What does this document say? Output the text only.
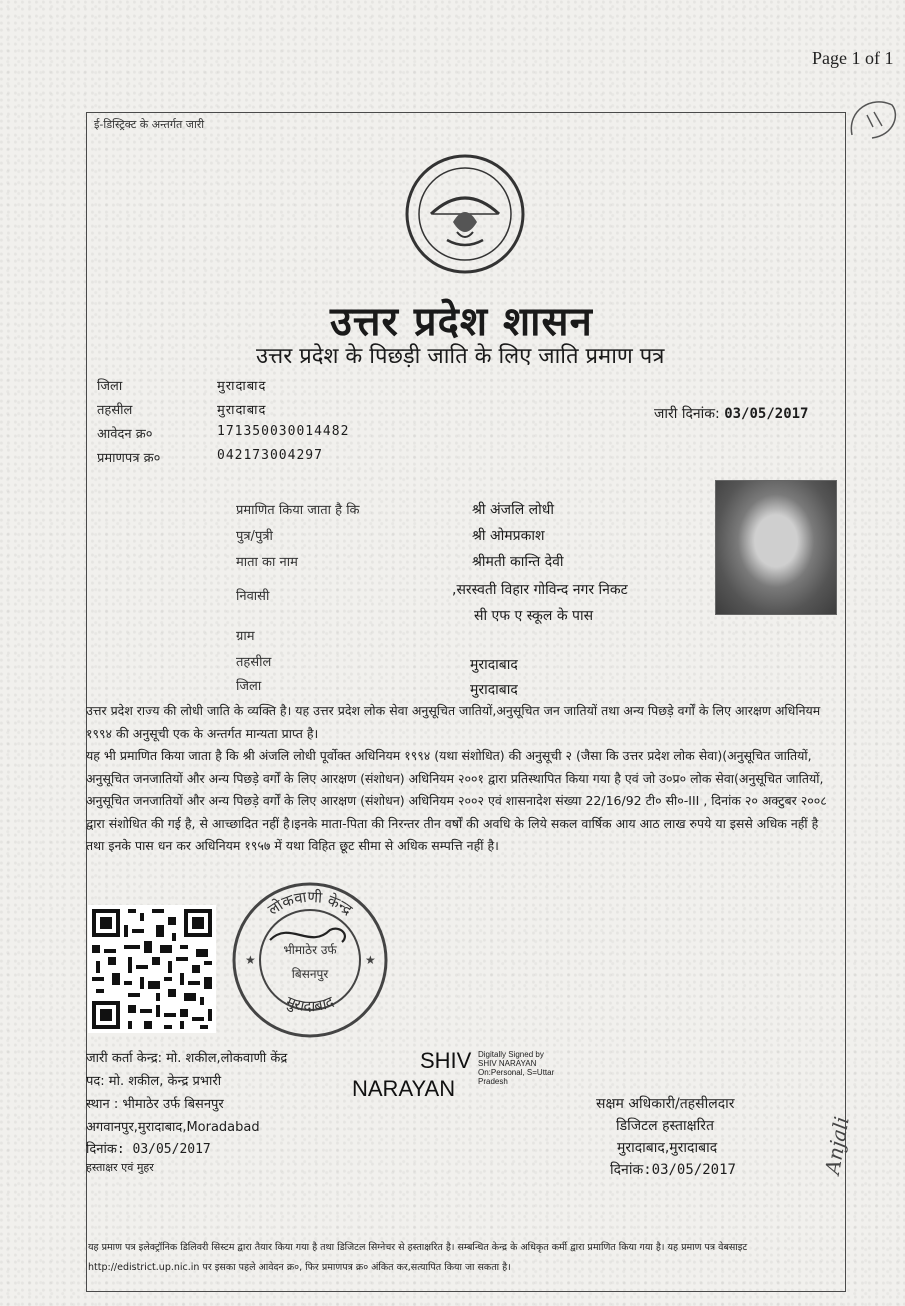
Page 1 of 1
ई-डिस्ट्रिक्ट के अन्तर्गत जारी
उत्तर प्रदेश शासन
उत्तर प्रदेश के पिछड़ी जाति के लिए जाति प्रमाण पत्र
जिला	मुरादाबाद
तहसील	मुरादाबाद
आवेदन क्र०	171350030014482
प्रमाणपत्र क्र०	042173004297
जारी दिनांक: 03/05/2017
प्रमाणित किया जाता है कि	श्री अंजलि लोधी
पुत्र/पुत्री	श्री ओमप्रकाश
माता का नाम	श्रीमती कान्ति देवी
निवासी	,सरस्वती विहार गोविन्द नगर निकट
सी एफ ए स्कूल के पास
ग्राम
तहसील	मुरादाबाद
जिला	मुरादाबाद
उत्तर प्रदेश राज्य की लोधी जाति के व्यक्ति है। यह उत्तर प्रदेश लोक सेवा अनुसूचित जातियों,अनुसूचित जन जातियों तथा अन्य पिछड़े वर्गों के लिए आरक्षण अधिनियम १९९४ की अनुसूची एक के अन्तर्गत मान्यता प्राप्त है।
यह भी प्रमाणित किया जाता है कि श्री अंजलि लोधी पूर्वोक्त अधिनियम १९९४ (यथा संशोधित) की अनुसूची २ (जैसा कि उत्तर प्रदेश लोक सेवा)(अनुसूचित जातियों, अनुसूचित जनजातियों और अन्य पिछड़े वर्गों के लिए आरक्षण (संशोधन) अधिनियम २००१ द्वारा प्रतिस्थापित किया गया है एवं जो उ०प्र० लोक सेवा(अनुसूचित जातियों, अनुसूचित जनजातियों और अन्य पिछड़े वर्गों के लिए आरक्षण (संशोधन) अधिनियम २००२ एवं शासनादेश संख्या 22/16/92 टी० सी०-III , दिनांक २० अक्टुबर २००८ द्वारा संशोधित की गई है, से आच्छादित नहीं है।इनके माता-पिता की निरन्तर तीन वर्षों की अवधि के लिये सकल वार्षिक आय आठ लाख रुपये या इससे अधिक नहीं है तथा इनके पास धन कर अधिनियम १९५७ में यथा विहित छूट सीमा से अधिक सम्पत्ति नहीं है।
लोकवाणी केन्द्र
मुरादाबाद
भीमाठेर उर्फ
बिसनपुर
★	★
जारी कर्ता केन्द्र: मो. शकील,लोकवाणी केंद्र
पद: मो. शकील, केन्द्र प्रभारी
स्थान : भीमाठेर उर्फ बिसनपुर
अगवानपुर,मुरादाबाद,Moradabad
दिनांक: 03/05/2017
हस्ताक्षर एवं मुहर
SHIV
NARAYAN
Digitally Signed by SHIV NARAYAN On:Personal, S=Uttar Pradesh
सक्षम अधिकारी/तहसीलदार
डिजिटल हस्ताक्षरित
मुरादाबाद,मुरादाबाद
दिनांक:03/05/2017	Anjali
यह प्रमाण पत्र इलेक्ट्रॉनिक डिलिवरी सिस्टम द्वारा तैयार किया गया है तथा डिजिटल सिग्नेचर से हस्ताक्षरित है। सम्बन्धित केन्द्र के अधिकृत कर्मी द्वारा प्रमाणित किया गया है। यह प्रमाण पत्र वेबसाइट http://edistrict.up.nic.in पर इसका पहले आवेदन क्र०, फिर प्रमाणपत्र क्र० अंकित कर,सत्यापित किया जा सकता है।
